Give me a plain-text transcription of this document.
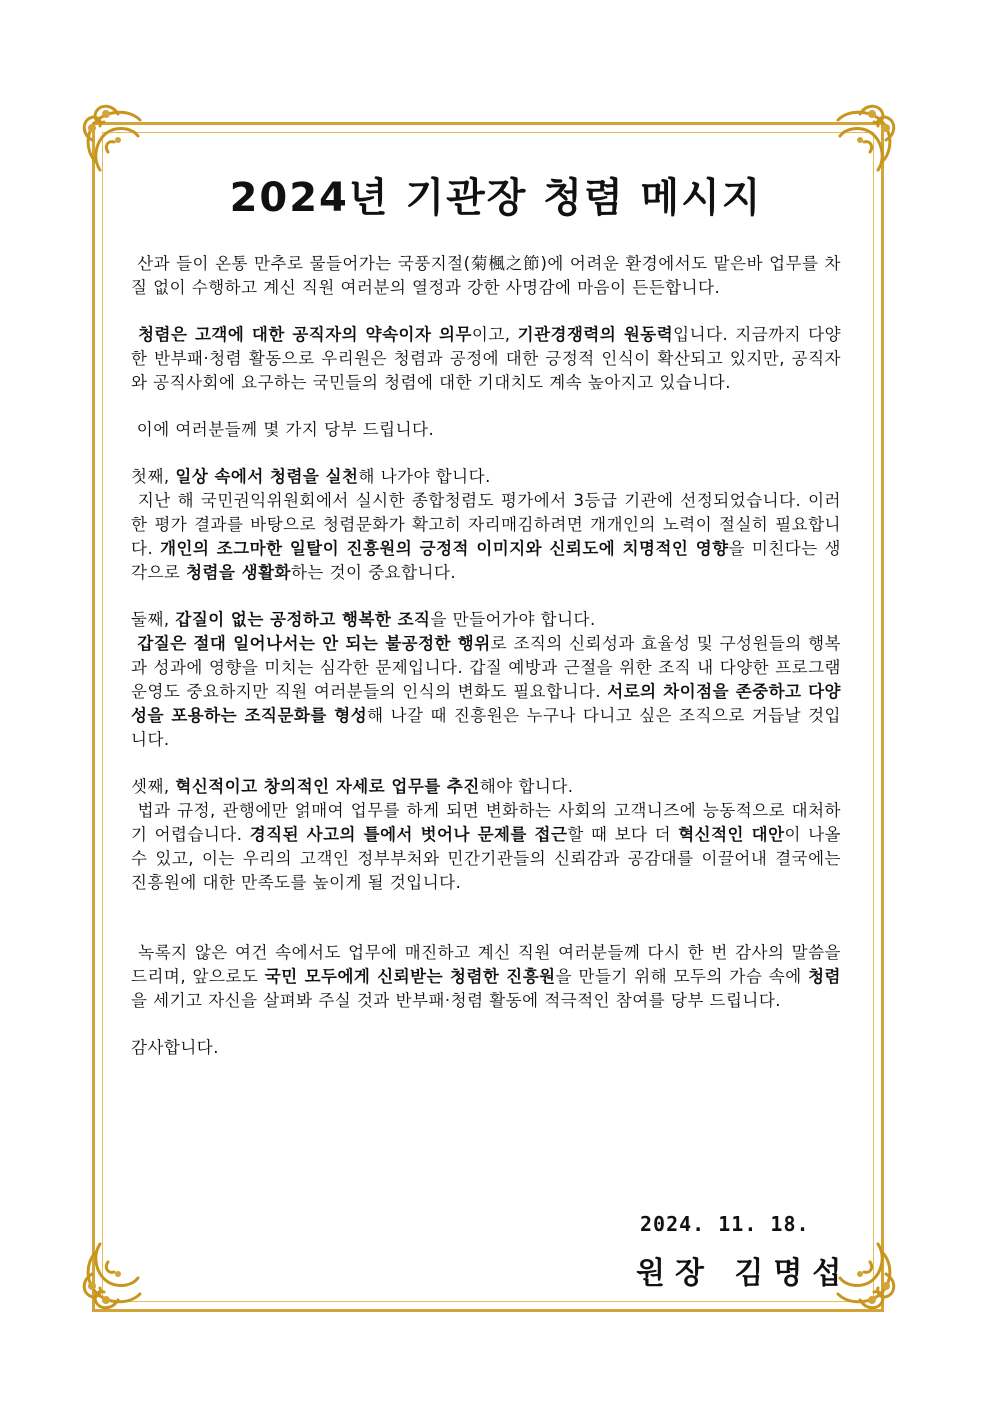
2024년 기관장 청렴 메시지

산과 들이 온통 만추로 물들어가는 국풍지절(菊楓之節)에 어려운 환경에서도 맡은바 업무를 차질 없이 수행하고 계신 직원 여러분의 열정과 강한 사명감에 마음이 든든합니다.

청렴은 고객에 대한 공직자의 약속이자 의무이고, 기관경쟁력의 원동력입니다. 지금까지 다양한 반부패·청렴 활동으로 우리원은 청렴과 공정에 대한 긍정적 인식이 확산되고 있지만, 공직자와 공직사회에 요구하는 국민들의 청렴에 대한 기대치도 계속 높아지고 있습니다.

이에 여러분들께 몇 가지 당부 드립니다.

첫째, 일상 속에서 청렴을 실천해 나가야 합니다.

지난 해 국민권익위원회에서 실시한 종합청렴도 평가에서 3등급 기관에 선정되었습니다. 이러한 평가 결과를 바탕으로 청렴문화가 확고히 자리매김하려면 개개인의 노력이 절실히 필요합니다. 개인의 조그마한 일탈이 진흥원의 긍정적 이미지와 신뢰도에 치명적인 영향을 미친다는 생각으로 청렴을 생활화하는 것이 중요합니다.

둘째, 갑질이 없는 공정하고 행복한 조직을 만들어가야 합니다.

갑질은 절대 일어나서는 안 되는 불공정한 행위로 조직의 신뢰성과 효율성 및 구성원들의 행복과 성과에 영향을 미치는 심각한 문제입니다. 갑질 예방과 근절을 위한 조직 내 다양한 프로그램 운영도 중요하지만 직원 여러분들의 인식의 변화도 필요합니다. 서로의 차이점을 존중하고 다양성을 포용하는 조직문화를 형성해 나갈 때 진흥원은 누구나 다니고 싶은 조직으로 거듭날 것입니다.

셋째, 혁신적이고 창의적인 자세로 업무를 추진해야 합니다.

법과 규정, 관행에만 얽매여 업무를 하게 되면 변화하는 사회의 고객니즈에 능동적으로 대처하기 어렵습니다. 경직된 사고의 틀에서 벗어나 문제를 접근할 때 보다 더 혁신적인 대안이 나올 수 있고, 이는 우리의 고객인 정부부처와 민간기관들의 신뢰감과 공감대를 이끌어내 결국에는 진흥원에 대한 만족도를 높이게 될 것입니다.

녹록지 않은 여건 속에서도 업무에 매진하고 계신 직원 여러분들께 다시 한 번 감사의 말씀을 드리며, 앞으로도 국민 모두에게 신뢰받는 청렴한 진흥원을 만들기 위해 모두의 가슴 속에 청렴을 세기고 자신을 살펴봐 주실 것과 반부패·청렴 활동에 적극적인 참여를 당부 드립니다.

감사합니다.

2024. 11. 18.
원장 김명섭
